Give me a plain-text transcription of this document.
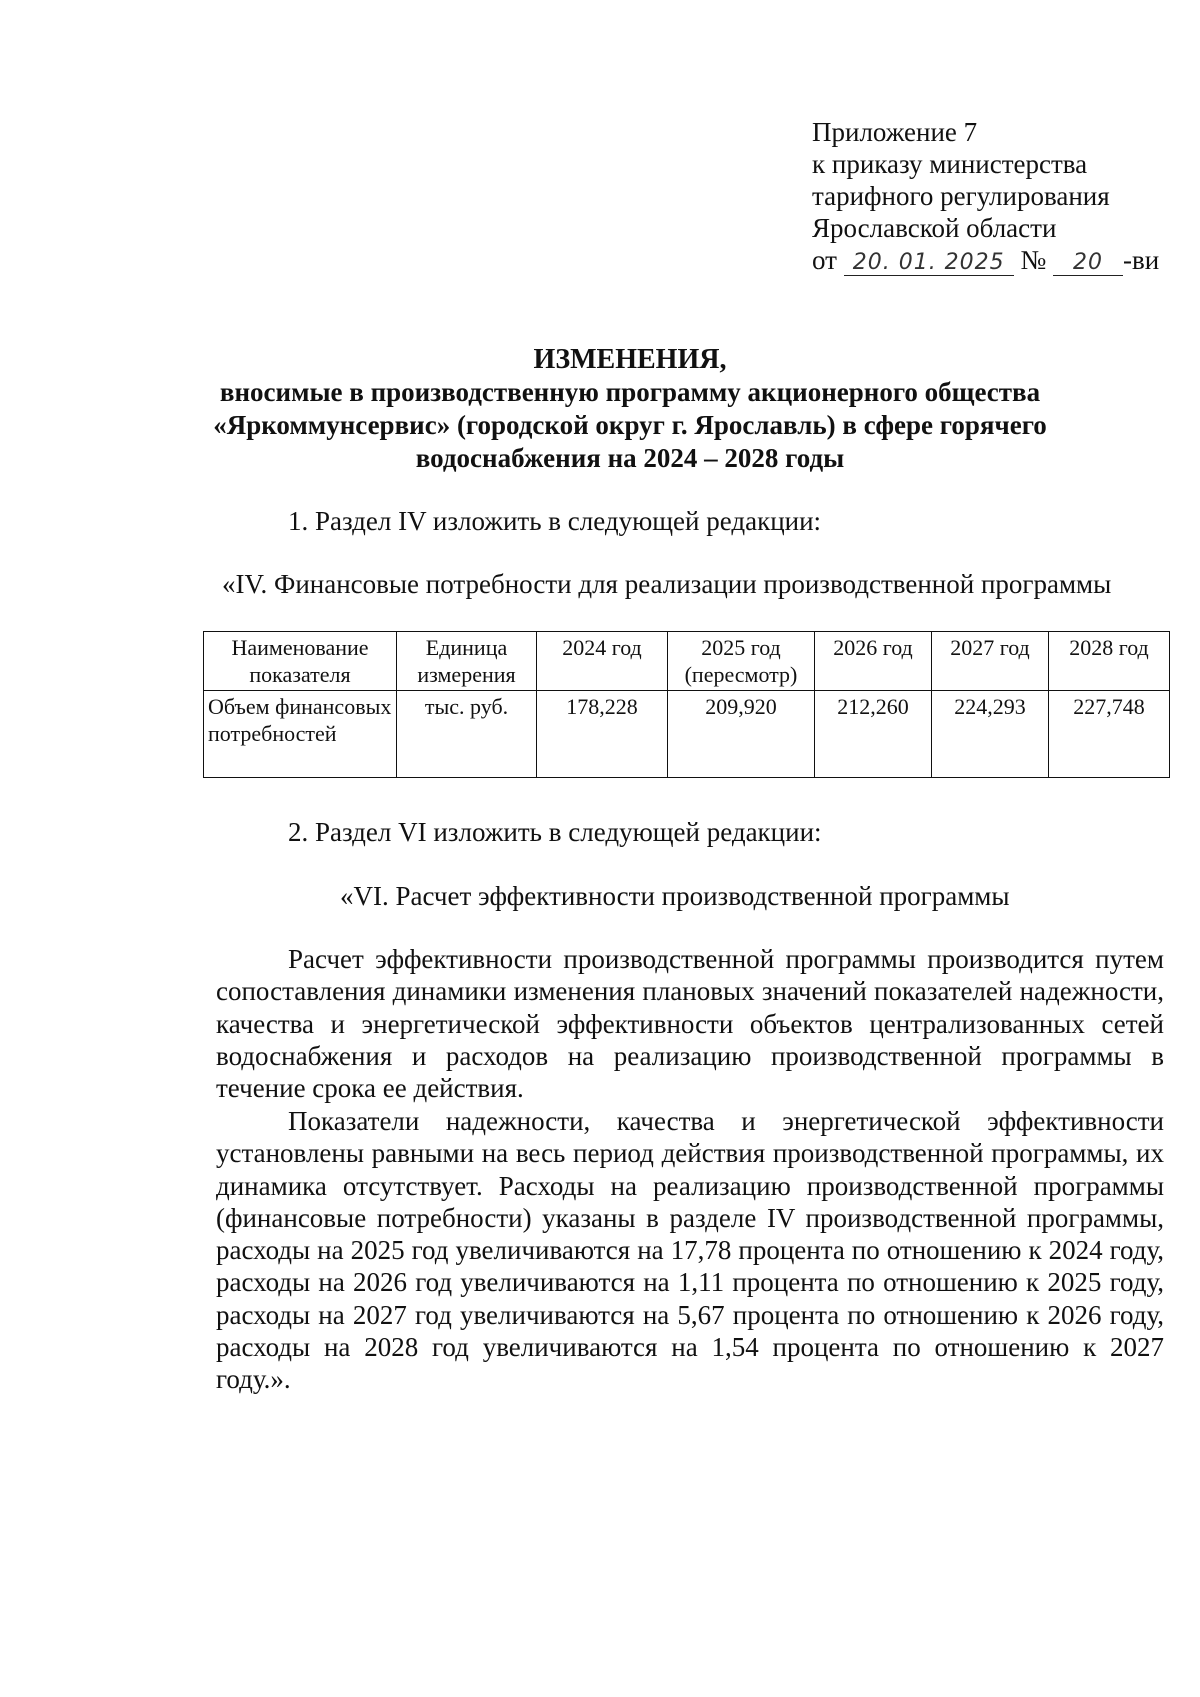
Приложение 7
к приказу министерства
тарифного регулирования
Ярославской области
от 20. 01. 2025 № 20 -ви
ИЗМЕНЕНИЯ,
вносимые в производственную программу акционерного общества
«Яркоммунсервис» (городской округ г. Ярославль) в сфере горячего
водоснабжения на 2024 – 2028 годы
1. Раздел IV изложить в следующей редакции:
«IV. Финансовые потребности для реализации производственной программы
Наименование показателя	Единица измерения	2024 год	2025 год (пересмотр)	2026 год	2027 год	2028 год
Объем финансовых потребностей	тыс. руб.	178,228	209,920	212,260	224,293	227,748
2. Раздел VI изложить в следующей редакции:
«VI. Расчет эффективности производственной программы
Расчет эффективности производственной программы производится путем сопоставления динамики изменения плановых значений показателей надежности, качества и энергетической эффективности объектов централизованных сетей водоснабжения и расходов на реализацию производственной программы в течение срока ее действия.
Показатели надежности, качества и энергетической эффективности установлены равными на весь период действия производственной программы, их динамика отсутствует. Расходы на реализацию производственной программы (финансовые потребности) указаны в разделе IV производственной программы, расходы на 2025 год увеличиваются на 17,78 процента по отношению к 2024 году, расходы на 2026 год увеличиваются на 1,11 процента по отношению к 2025 году, расходы на 2027 год увеличиваются на 5,67 процента по отношению к 2026 году, расходы на 2028 год увеличиваются на 1,54 процента по отношению к 2027 году.».
